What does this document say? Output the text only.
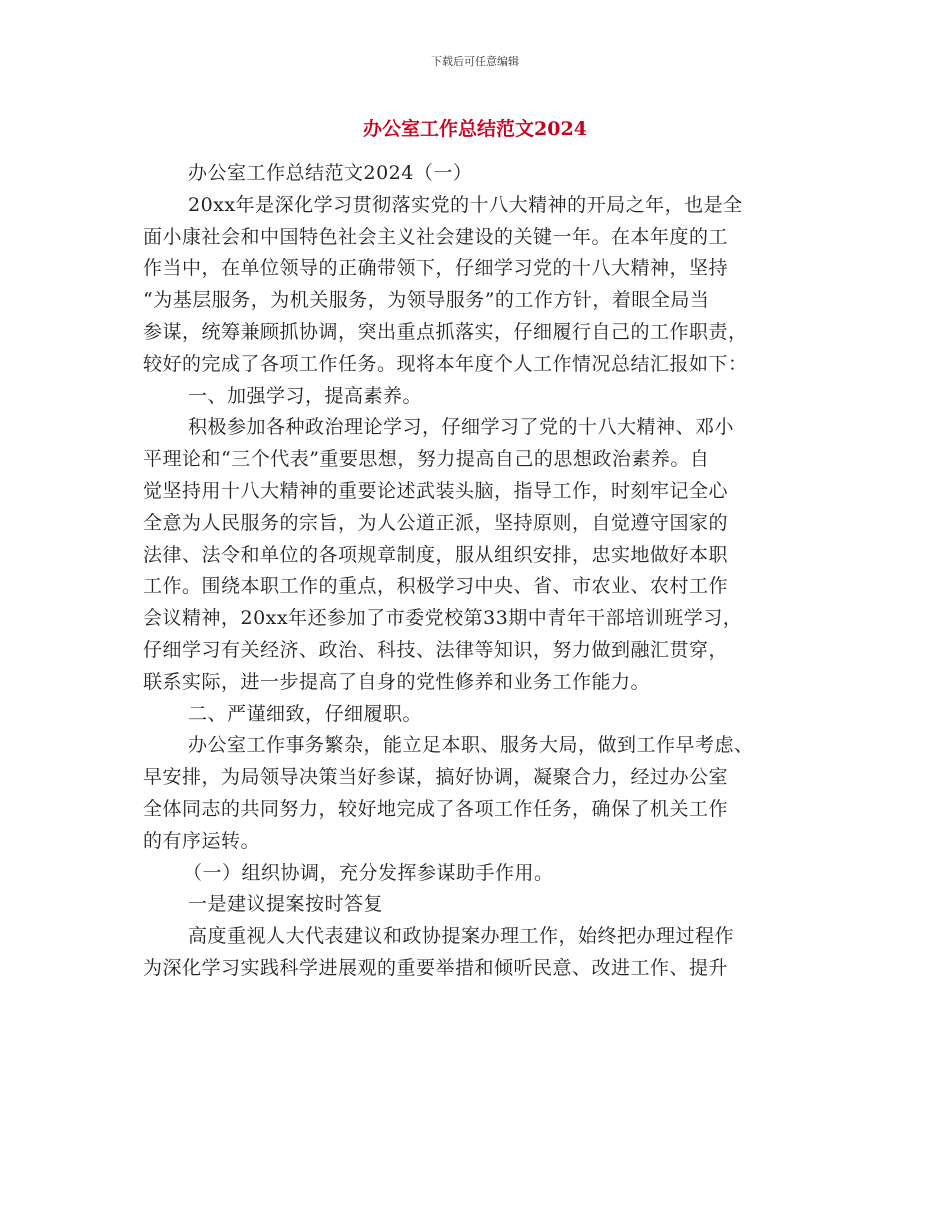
下载后可任意编辑
办公室工作总结范文2024
办公室工作总结范文2024（一）
20xx年是深化学习贯彻落实党的十八大精神的开局之年，也是全
面小康社会和中国特色社会主义社会建设的关键一年。在本年度的工
作当中，在单位领导的正确带领下，仔细学习党的十八大精神，坚持
“为基层服务，为机关服务，为领导服务”的工作方针，着眼全局当
参谋，统筹兼顾抓协调，突出重点抓落实，仔细履行自己的工作职责，
较好的完成了各项工作任务。现将本年度个人工作情况总结汇报如下：
一、加强学习，提高素养。
积极参加各种政治理论学习，仔细学习了党的十八大精神、邓小
平理论和“三个代表”重要思想，努力提高自己的思想政治素养。自
觉坚持用十八大精神的重要论述武装头脑，指导工作，时刻牢记全心
全意为人民服务的宗旨，为人公道正派，坚持原则，自觉遵守国家的
法律、法令和单位的各项规章制度，服从组织安排，忠实地做好本职
工作。围绕本职工作的重点，积极学习中央、省、市农业、农村工作
会议精神，20xx年还参加了市委党校第33期中青年干部培训班学习，
仔细学习有关经济、政治、科技、法律等知识，努力做到融汇贯穿，
联系实际，进一步提高了自身的党性修养和业务工作能力。
二、严谨细致，仔细履职。
办公室工作事务繁杂，能立足本职、服务大局，做到工作早考虑、
早安排，为局领导决策当好参谋，搞好协调，凝聚合力，经过办公室
全体同志的共同努力，较好地完成了各项工作任务，确保了机关工作
的有序运转。
（一）组织协调，充分发挥参谋助手作用。
一是建议提案按时答复
高度重视人大代表建议和政协提案办理工作，始终把办理过程作
为深化学习实践科学进展观的重要举措和倾听民意、改进工作、提升
